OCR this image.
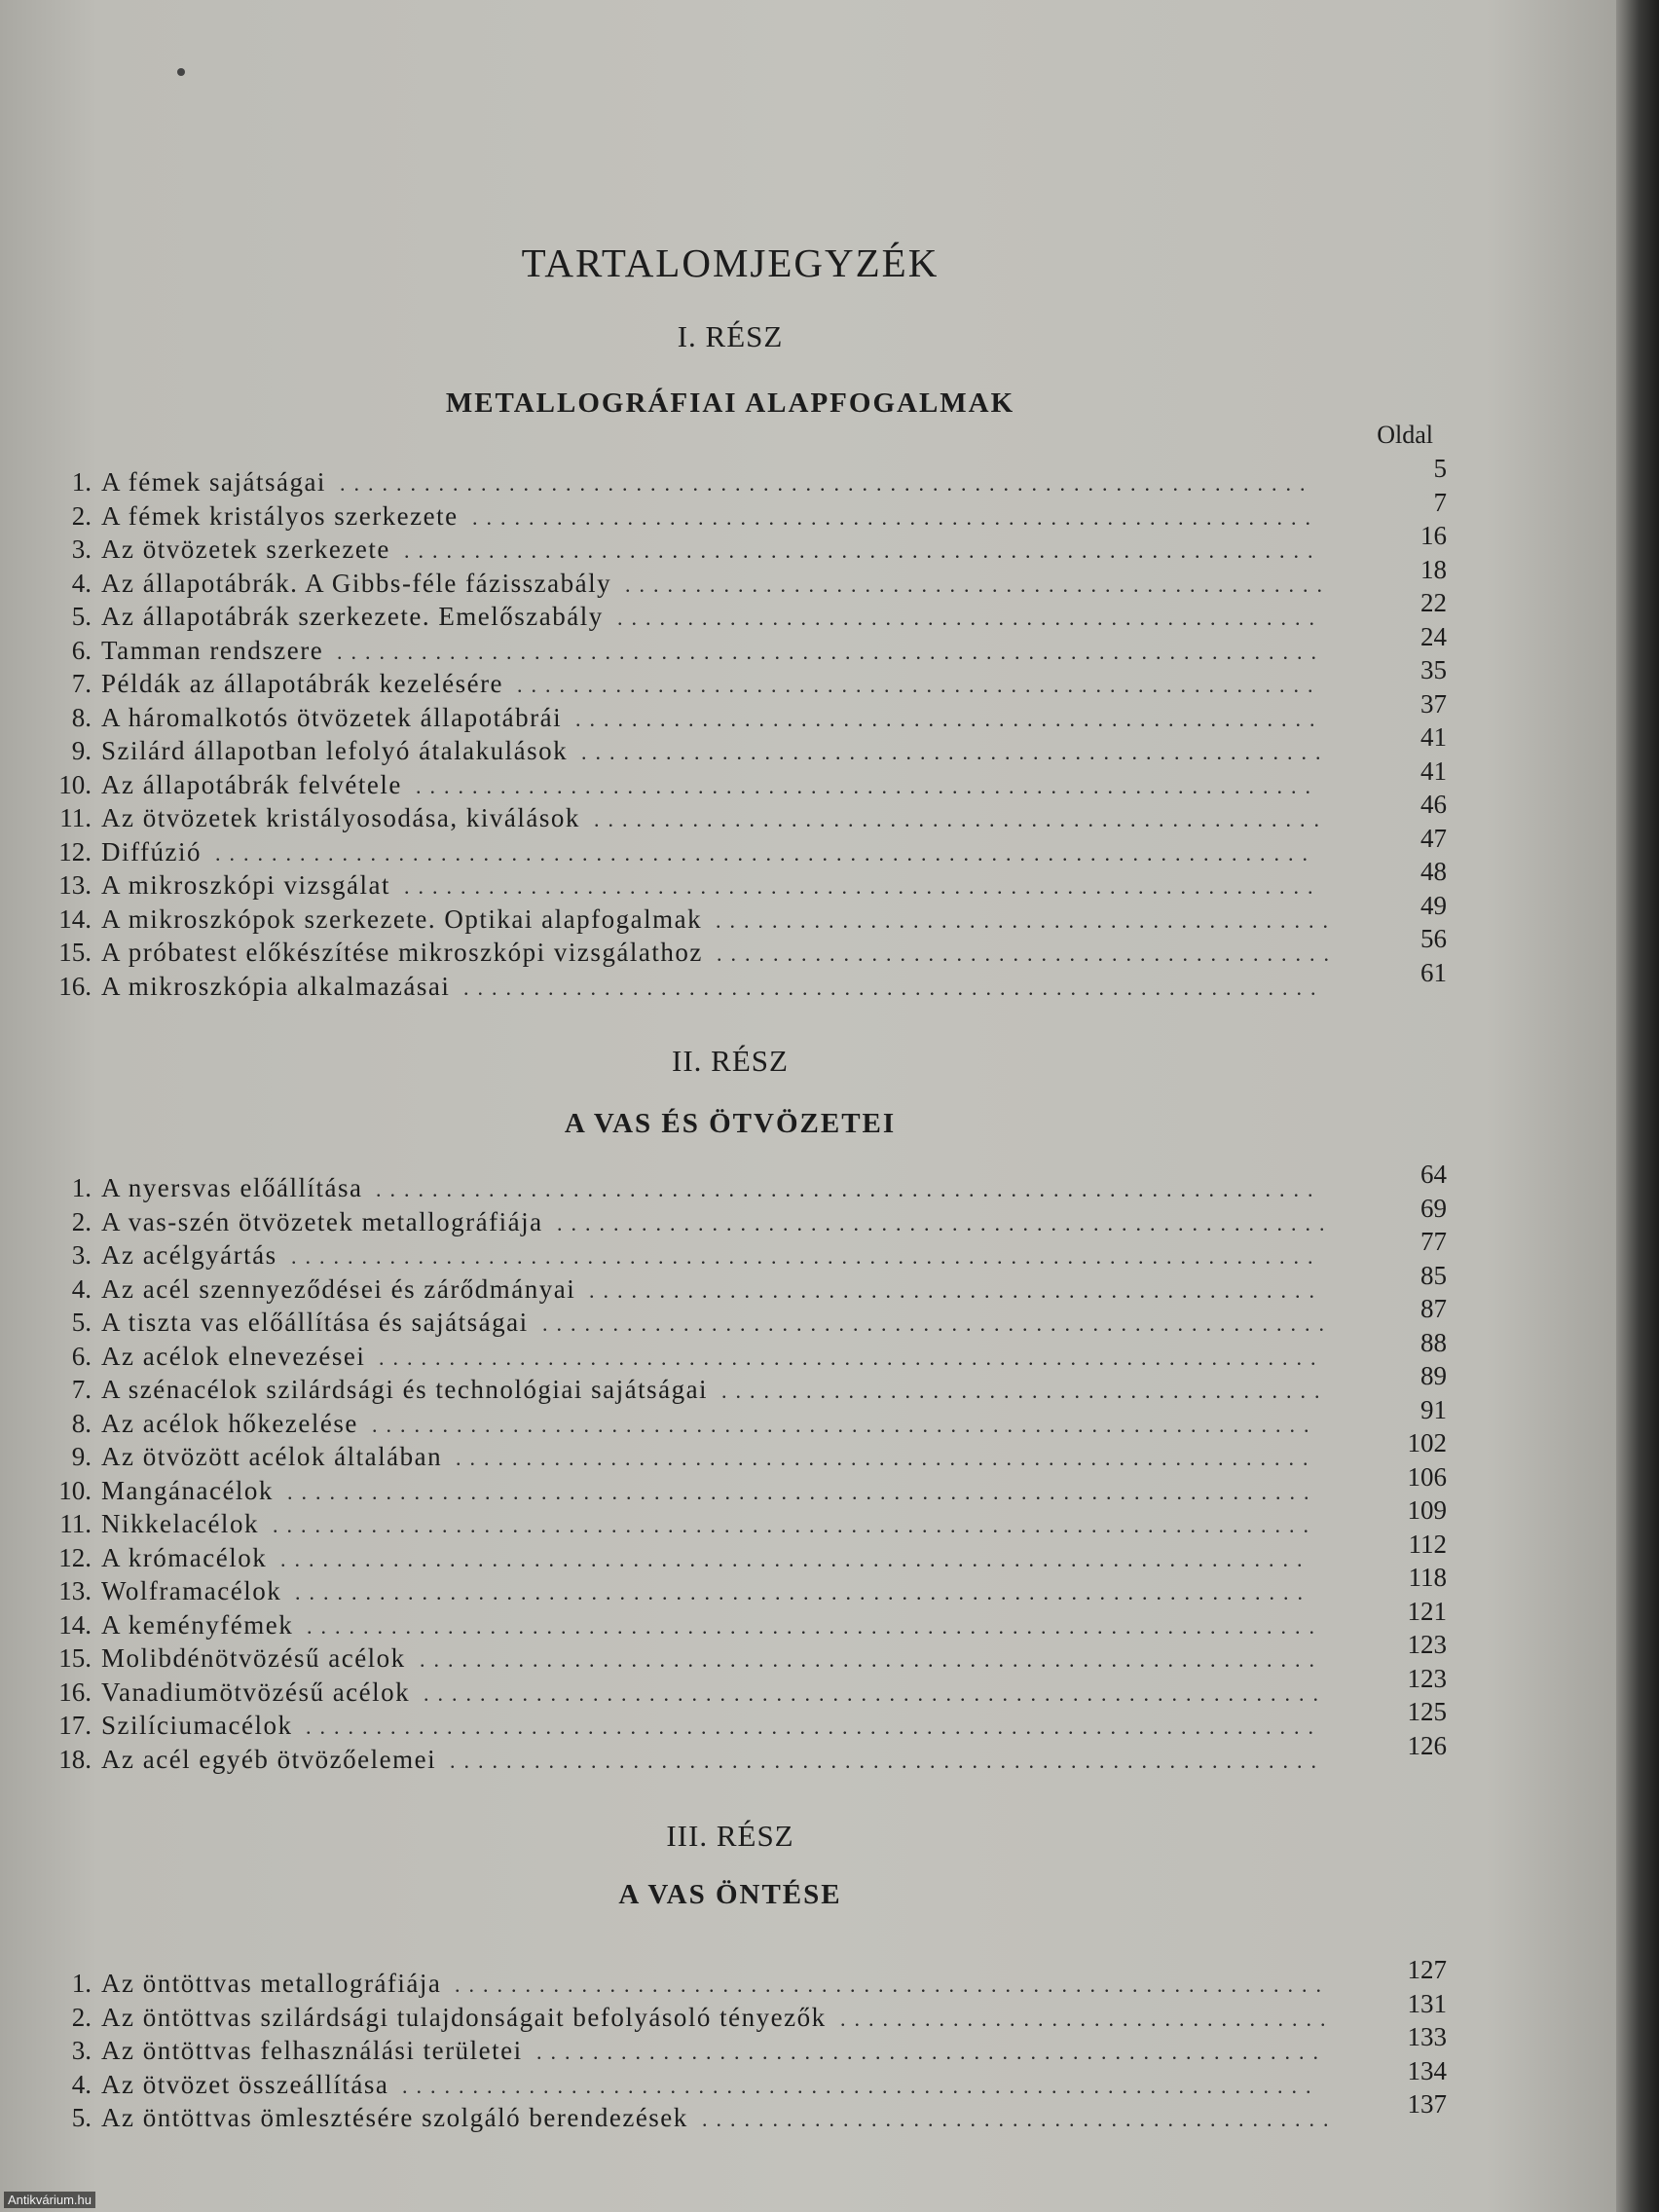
TARTALOMJEGYZÉK
I. RÉSZ
METALLOGRÁFIAI ALAPFOGALMAK
Oldal
1. A fémek sajátságai .....................................................................
5
2. A fémek kristályos szerkezete ............................................................
7
3. Az ötvözetek szerkezete .................................................................
16
4. Az állapotábrák. A Gibbs-féle fázisszabály ..................................................
18
5. Az állapotábrák szerkezete. Emelőszabály ..................................................
22
6. Tamman rendszere ......................................................................
24
7. Példák az állapotábrák kezelésére .........................................................
35
8. A háromalkotós ötvözetek állapotábrái .....................................................
37
9. Szilárd állapotban lefolyó átalakulások .....................................................
41
10. Az állapotábrák felvétele ................................................................
41
11. Az ötvözetek kristályosodása, kiválások ....................................................
46
12. Diffúzió ..............................................................................
47
13. A mikroszkópi vizsgálat .................................................................
48
14. A mikroszkópok szerkezete. Optikai alapfogalmak ............................................
49
15. A próbatest előkészítése mikroszkópi vizsgálathoz ............................................
56
16. A mikroszkópia alkalmazásai .............................................................
61
II. RÉSZ
A VAS ÉS ÖTVÖZETEI
1. A nyersvas előállítása ...................................................................
64
2. A vas-szén ötvözetek metallográfiája .......................................................
69
3. Az acélgyártás .........................................................................
77
4. Az acél szennyeződései és zárődmányai ....................................................
85
5. A tiszta vas előállítása és sajátságai ........................................................
87
6. Az acélok elnevezései ...................................................................
88
7. A szénacélok szilárdsági és technológiai sajátságai ...........................................
89
8. Az acélok hőkezelése ...................................................................
91
9. Az ötvözött acélok általában .............................................................
102
10. Mangánacélok .........................................................................
106
11. Nikkelacélok ..........................................................................
109
12. A krómacélok .........................................................................
112
13. Wolframacélok ........................................................................
118
14. A keményfémek ........................................................................
121
15. Molibdénötvözésű acélok ................................................................
123
16. Vanadiumötvözésű acélok ................................................................
123
17. Szilíciumacélok ........................................................................
125
18. Az acél egyéb ötvözőelemei ..............................................................
126
III. RÉSZ
A VAS ÖNTÉSE
1. Az öntöttvas metallográfiája ..............................................................
127
2. Az öntöttvas szilárdsági tulajdonságait befolyásoló tényezők ...................................
131
3. Az öntöttvas felhasználási területei ........................................................
133
4. Az ötvözet összeállítása .................................................................
134
5. Az öntöttvas ömlesztésére szolgáló berendezések .............................................
137
Antikvárium.hu
